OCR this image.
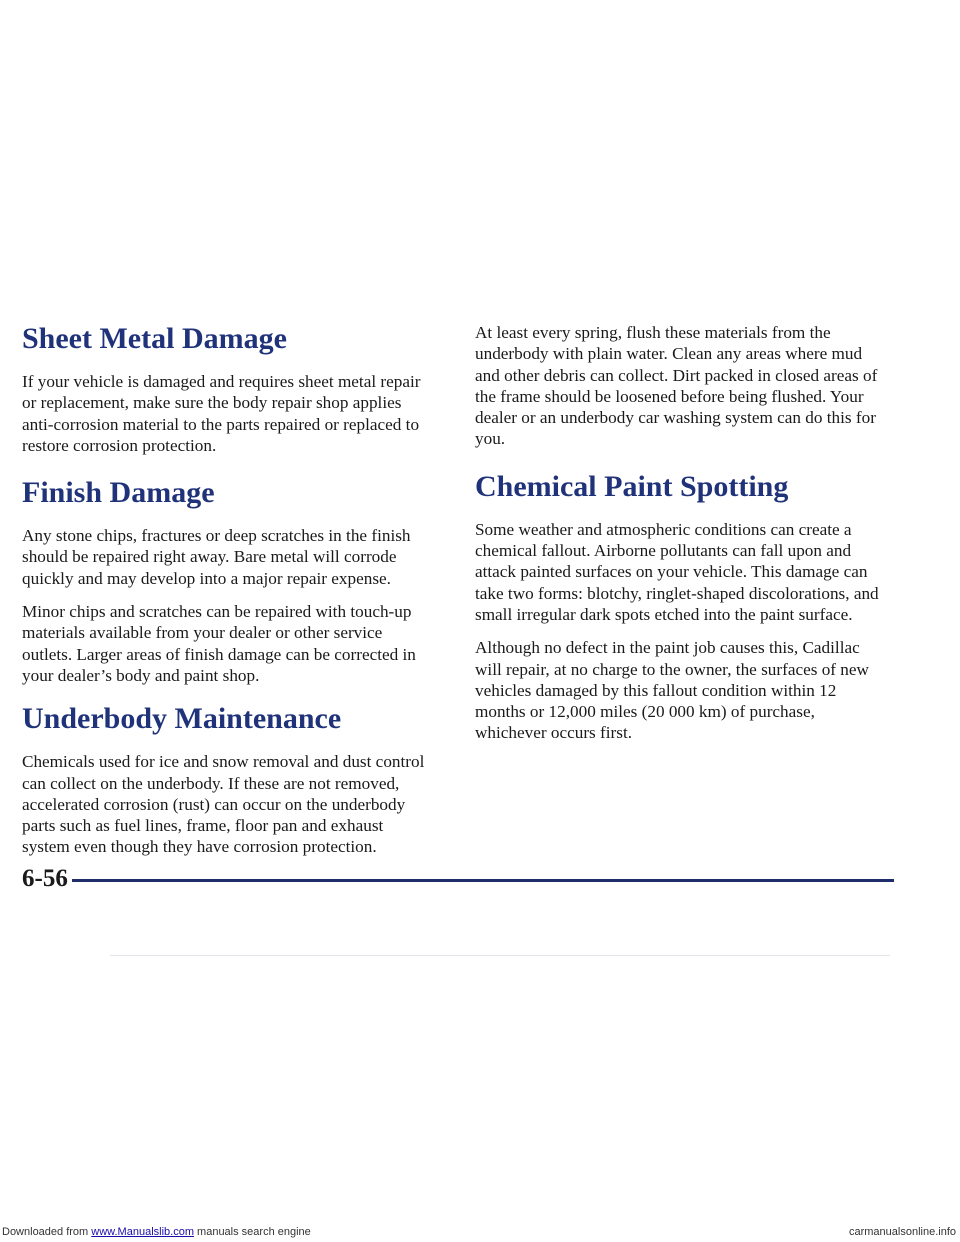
Sheet Metal Damage

If your vehicle is damaged and requires sheet metal repair or replacement, make sure the body repair shop applies anti-corrosion material to the parts repaired or replaced to restore corrosion protection.

Finish Damage

Any stone chips, fractures or deep scratches in the finish should be repaired right away. Bare metal will corrode quickly and may develop into a major repair expense.

Minor chips and scratches can be repaired with touch-up materials available from your dealer or other service outlets. Larger areas of finish damage can be corrected in your dealer’s body and paint shop.

Underbody Maintenance

Chemicals used for ice and snow removal and dust control can collect on the underbody. If these are not removed, accelerated corrosion (rust) can occur on the underbody parts such as fuel lines, frame, floor pan and exhaust system even though they have corrosion protection.

At least every spring, flush these materials from the underbody with plain water. Clean any areas where mud and other debris can collect. Dirt packed in closed areas of the frame should be loosened before being flushed. Your dealer or an underbody car washing system can do this for you.

Chemical Paint Spotting

Some weather and atmospheric conditions can create a chemical fallout. Airborne pollutants can fall upon and attack painted surfaces on your vehicle. This damage can take two forms: blotchy, ringlet-shaped discolorations, and small irregular dark spots etched into the paint surface.

Although no defect in the paint job causes this, Cadillac will repair, at no charge to the owner, the surfaces of new vehicles damaged by this fallout condition within 12 months or 12,000 miles (20 000 km) of purchase, whichever occurs first.

6-56
Downloaded from www.Manualslib.com manuals search engine	carmanualsonline.info
